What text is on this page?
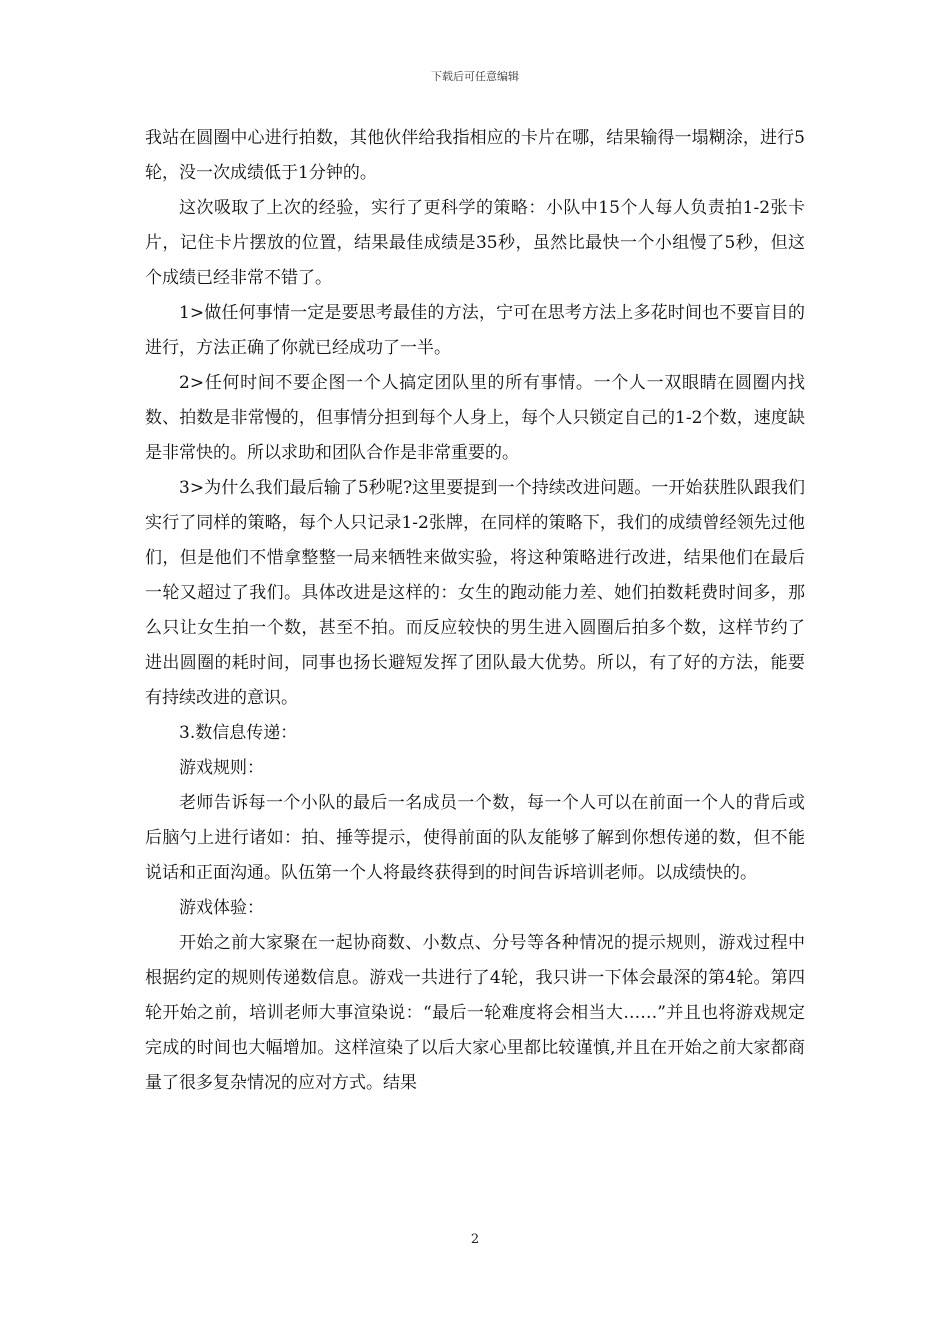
下载后可任意编辑

我站在圆圈中心进行拍数，其他伙伴给我指相应的卡片在哪，结果输得一塌糊涂，进行5轮，没一次成绩低于1分钟的。

这次吸取了上次的经验，实行了更科学的策略：小队中15个人每人负责拍1-2张卡片，记住卡片摆放的位置，结果最佳成绩是35秒，虽然比最快一个小组慢了5秒，但这个成绩已经非常不错了。

1>做任何事情一定是要思考最佳的方法，宁可在思考方法上多花时间也不要盲目的进行，方法正确了你就已经成功了一半。

2>任何时间不要企图一个人搞定团队里的所有事情。一个人一双眼睛在圆圈内找数、拍数是非常慢的，但事情分担到每个人身上，每个人只锁定自己的1-2个数，速度缺是非常快的。所以求助和团队合作是非常重要的。

3>为什么我们最后输了5秒呢?这里要提到一个持续改进问题。一开始获胜队跟我们实行了同样的策略，每个人只记录1-2张牌，在同样的策略下，我们的成绩曾经领先过他们，但是他们不惜拿整整一局来牺牲来做实验，将这种策略进行改进，结果他们在最后一轮又超过了我们。具体改进是这样的：女生的跑动能力差、她们拍数耗费时间多，那么只让女生拍一个数，甚至不拍。而反应较快的男生进入圆圈后拍多个数，这样节约了进出圆圈的耗时间，同事也扬长避短发挥了团队最大优势。所以，有了好的方法，能要有持续改进的意识。

3.数信息传递：

游戏规则：

老师告诉每一个小队的最后一名成员一个数，每一个人可以在前面一个人的背后或后脑勺上进行诸如：拍、捶等提示，使得前面的队友能够了解到你想传递的数，但不能说话和正面沟通。队伍第一个人将最终获得到的时间告诉培训老师。以成绩快的。

游戏体验：

开始之前大家聚在一起协商数、小数点、分号等各种情况的提示规则，游戏过程中根据约定的规则传递数信息。游戏一共进行了4轮，我只讲一下体会最深的第4轮。第四轮开始之前，培训老师大事渲染说：“最后一轮难度将会相当大……”并且也将游戏规定完成的时间也大幅增加。这样渲染了以后大家心里都比较谨慎,并且在开始之前大家都商量了很多复杂情况的应对方式。结果

2
